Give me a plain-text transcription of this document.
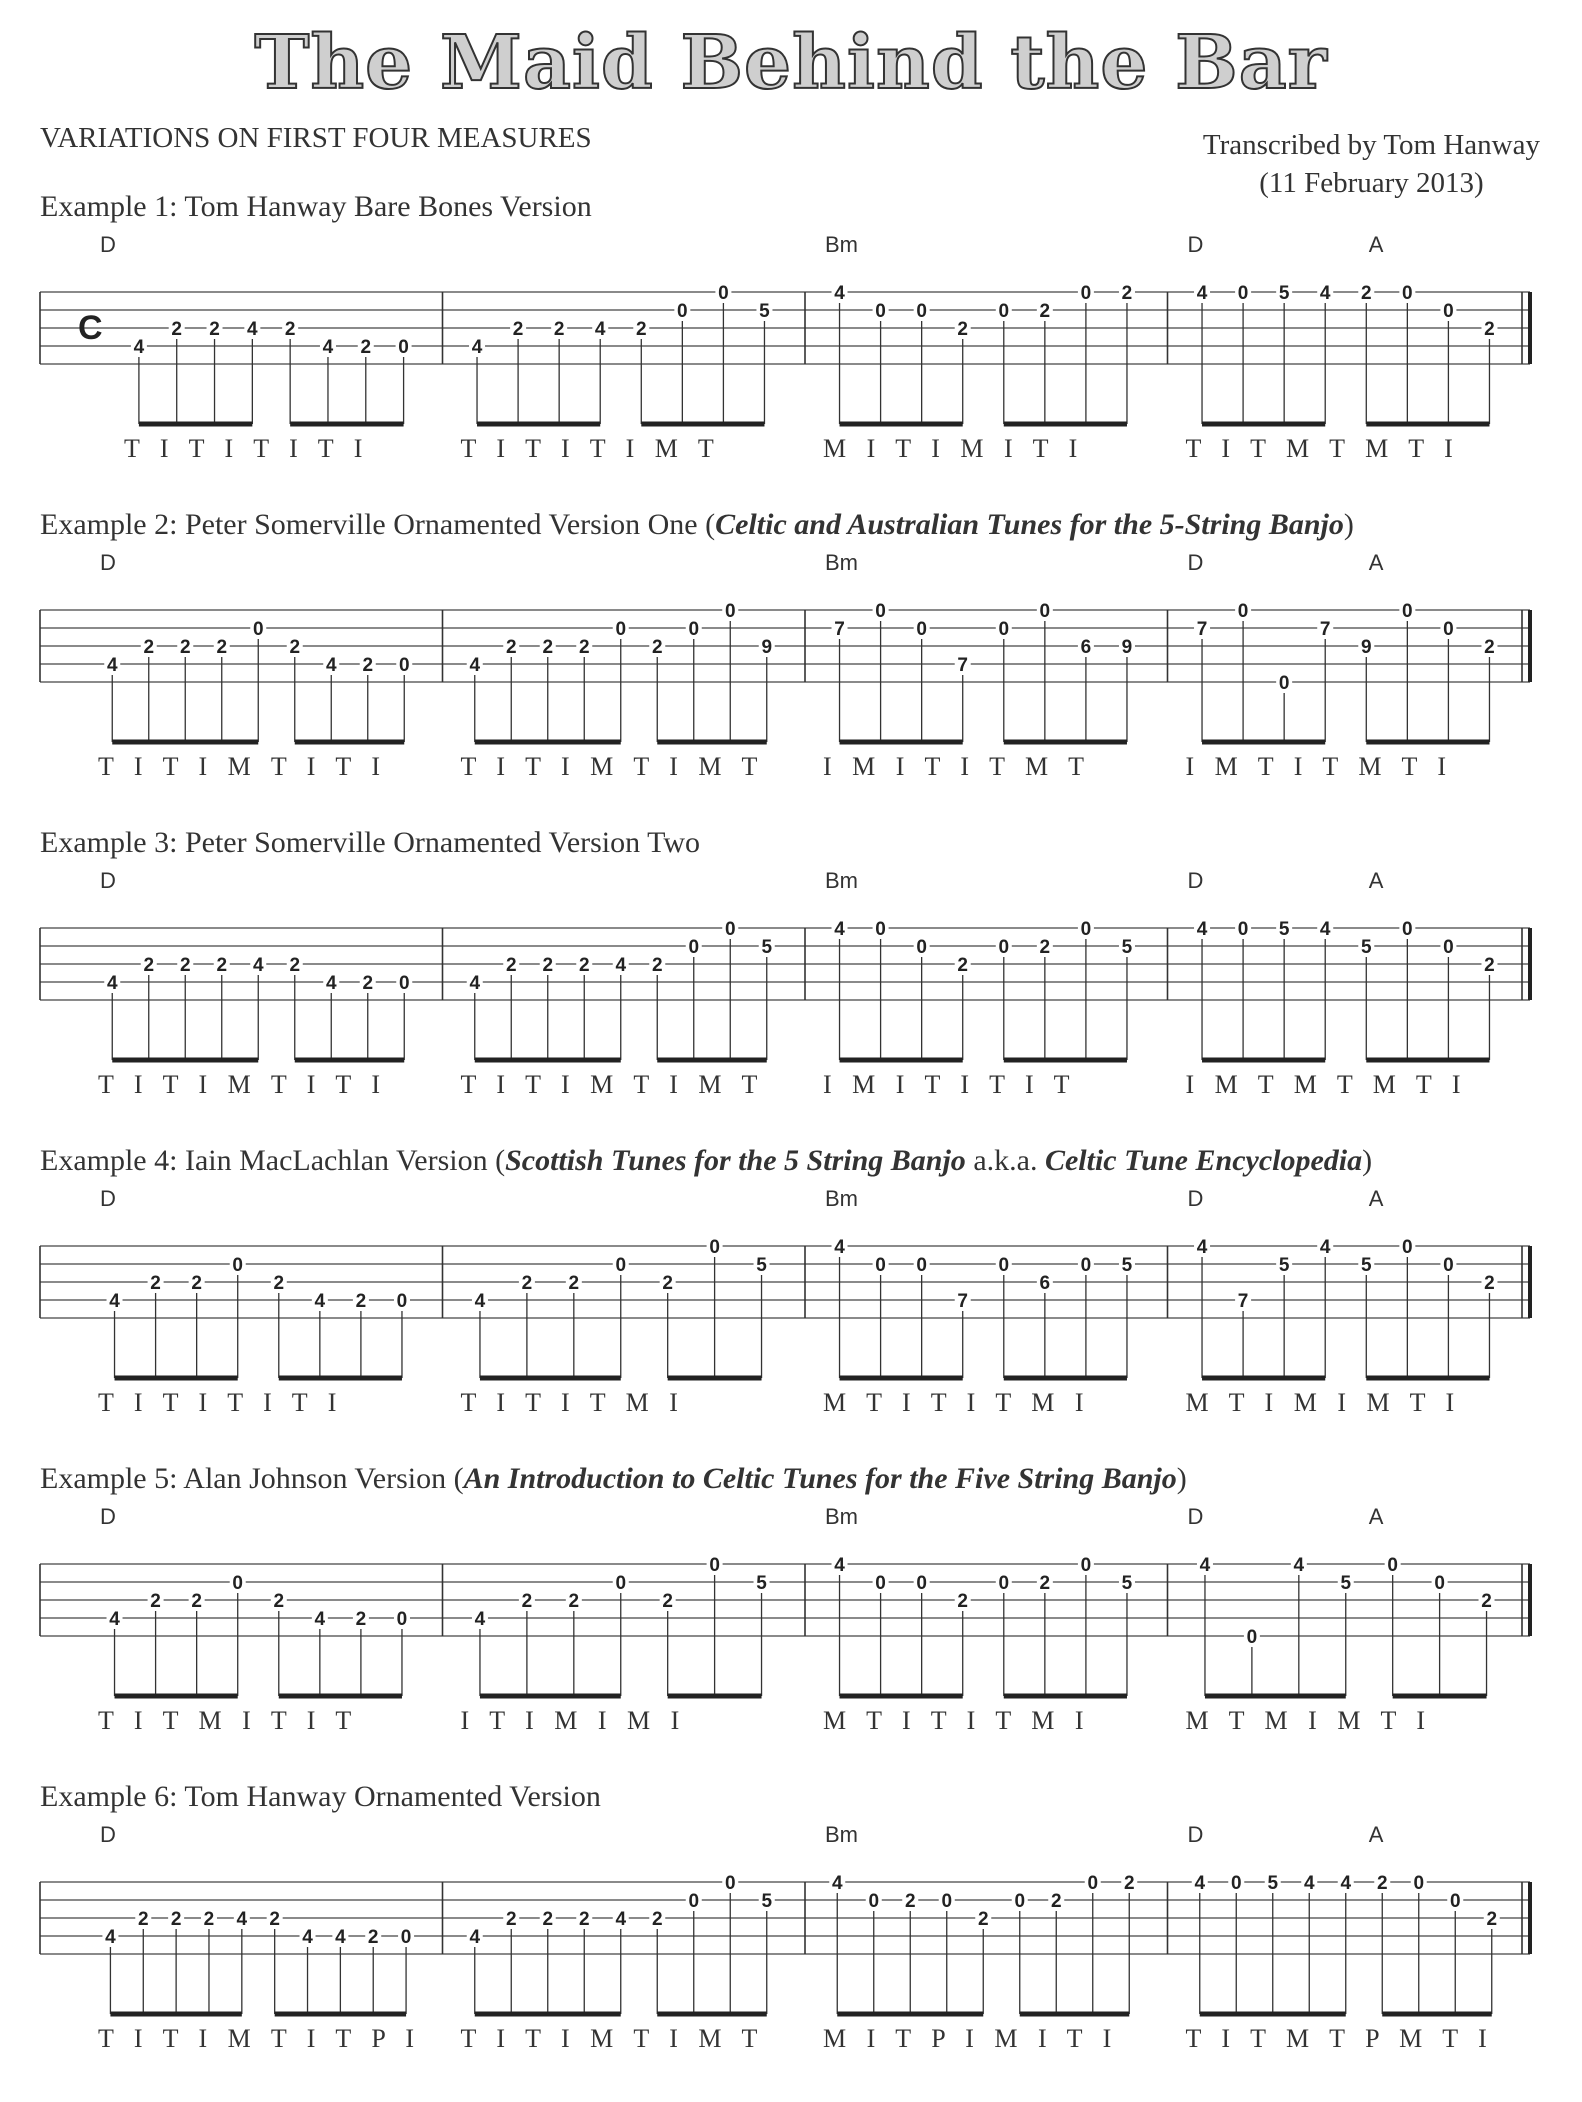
The Maid Behind the Bar
VARIATIONS ON FIRST FOUR MEASURES	Transcribed by Tom Hanway
(11 February 2013)
Example 1: Tom Hanway Bare Bones Version
C
D	Bm	D	A
4
2 2 4 2
4 2 0	4
2 2 4 2
0
0
5
4
0 0
2
0 2
0 2	4 0 5 4 2 0
0
2
T I T I T I T I	T I T I T I M T	M I T I M I T I	T I T M T M T I
Example 2: Peter Somerville Ornamented Version One (Celtic and Australian Tunes for the 5-String Banjo)
D	Bm	D	A
4
2 2 2
0
2
4 2 0	4
2 2 2
0
2
0
0
9
7
0
0
7
0
0
6 9
7
0
0
7
9
0
0
2
T I T I M T I T I	T I T I M T I M T	I M I T I T M T	I M T I T M T I
Example 3: Peter Somerville Ornamented Version Two
D	Bm	D	A
4
2 2 2 4 2
4 2 0	4
2 2 2 4 2
0
0
5
4 0
0
2
0 2
0
5
4 0 5 4
5
0
0
2
T I T I M T I T I	T I T I M T I M T	I M I T I T I T	I M T M T M T I
Example 4: Iain MacLachlan Version (Scottish Tunes for the 5 String Banjo a.k.a. Celtic Tune Encyclopedia)
D	Bm	D	A
4
2 2
0
2
4 2 0	4
2 2
0
2
0
5
4
0 0
7
0
6
0 5
4
7
5
4
5
0
0
2
T I T I T I T I	T I T I T M I	M T I T I T M I	M T I M I M T I
Example 5: Alan Johnson Version (An Introduction to Celtic Tunes for the Five String Banjo)
D	Bm	D	A
4
2 2
0
2
4 2 0	4
2 2
0
2
0
5
4
0 0
2
0 2
0
5
4
0
4
5
0
0
2
T I T M I T I T	I T I M I M I	M T I T I T M I	M T M I M T I
Example 6: Tom Hanway Ornamented Version
D	Bm	D	A
4
2 2 2 4 2
4 4 2 0	4
2 2 2 4 2
0
0
5
4
0 2 0
2
0 2
0 2	4 0 5 4 4 2 0
0
2
T I T I M T I T P I	T I T I M T I M T	M I T P I M I T I	T I T M T P M T I
